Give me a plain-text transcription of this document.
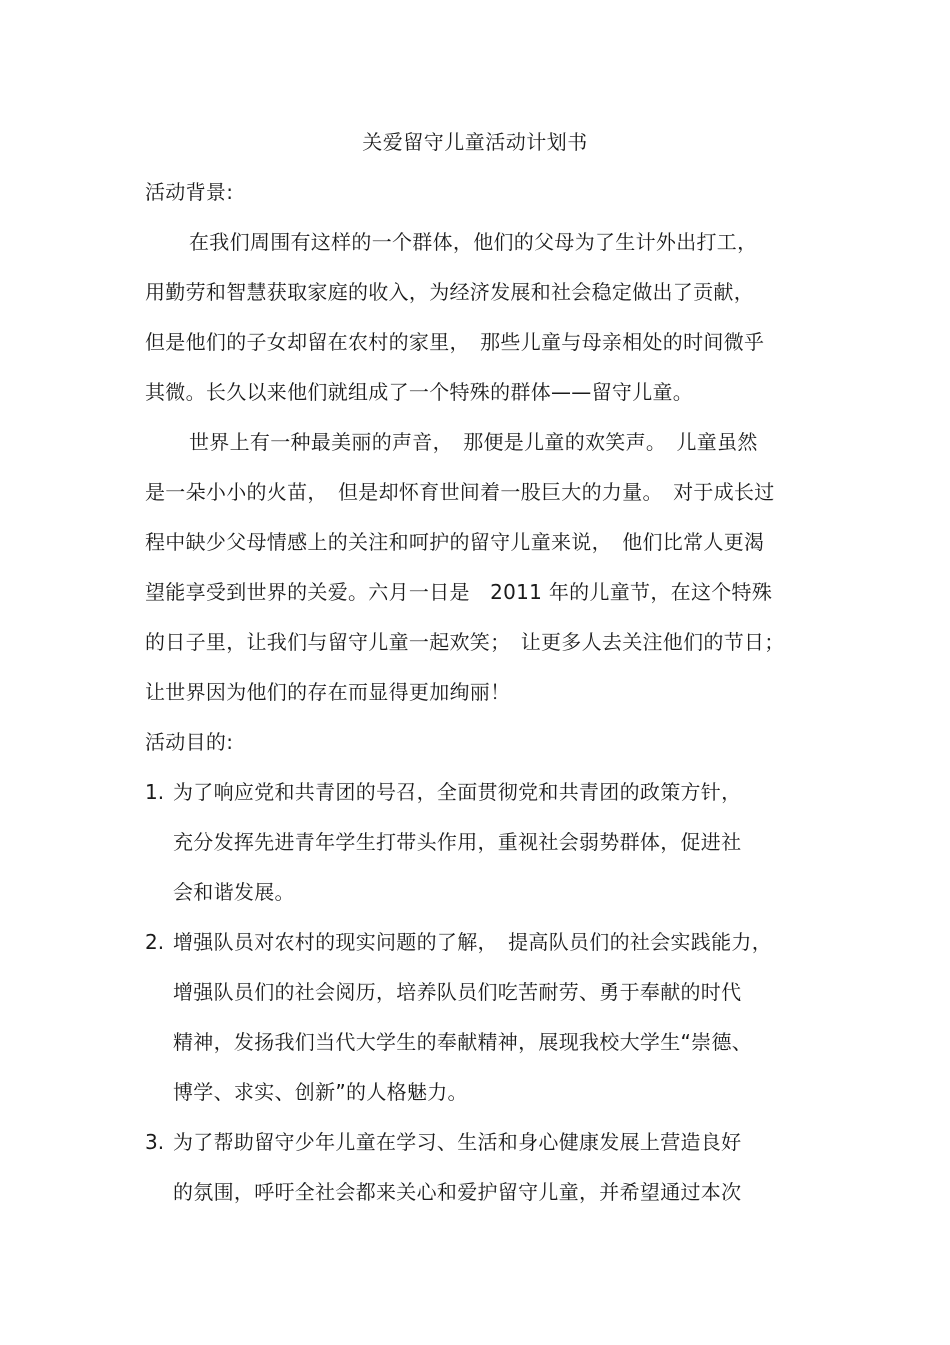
关爱留守儿童活动计划书
活动背景:
在我们周围有这样的一个群体，他们的父母为了生计外出打工，
用勤劳和智慧获取家庭的收入，为经济发展和社会稳定做出了贡献，
但是他们的子女却留在农村的家里，　那些儿童与母亲相处的时间微乎
其微。长久以来他们就组成了一个特殊的群体——留守儿童。
世界上有一种最美丽的声音，　那便是儿童的欢笑声。　儿童虽然
是一朵小小的火苗，　但是却怀育世间着一股巨大的力量。　对于成长过
程中缺少父母情感上的关注和呵护的留守儿童来说，　他们比常人更渴
望能享受到世界的关爱。六月一日是　2011 年的儿童节，在这个特殊
的日子里，让我们与留守儿童一起欢笑；　让更多人去关注他们的节日；
让世界因为他们的存在而显得更加绚丽！
活动目的:
1. 为了响应党和共青团的号召，全面贯彻党和共青团的政策方针，
充分发挥先进青年学生打带头作用，重视社会弱势群体，促进社
会和谐发展。
2. 增强队员对农村的现实问题的了解，　提高队员们的社会实践能力，
增强队员们的社会阅历，培养队员们吃苦耐劳、勇于奉献的时代
精神，发扬我们当代大学生的奉献精神，展现我校大学生“崇德、
博学、求实、创新”的人格魅力。
3. 为了帮助留守少年儿童在学习、生活和身心健康发展上营造良好
的氛围，呼吁全社会都来关心和爱护留守儿童，并希望通过本次
